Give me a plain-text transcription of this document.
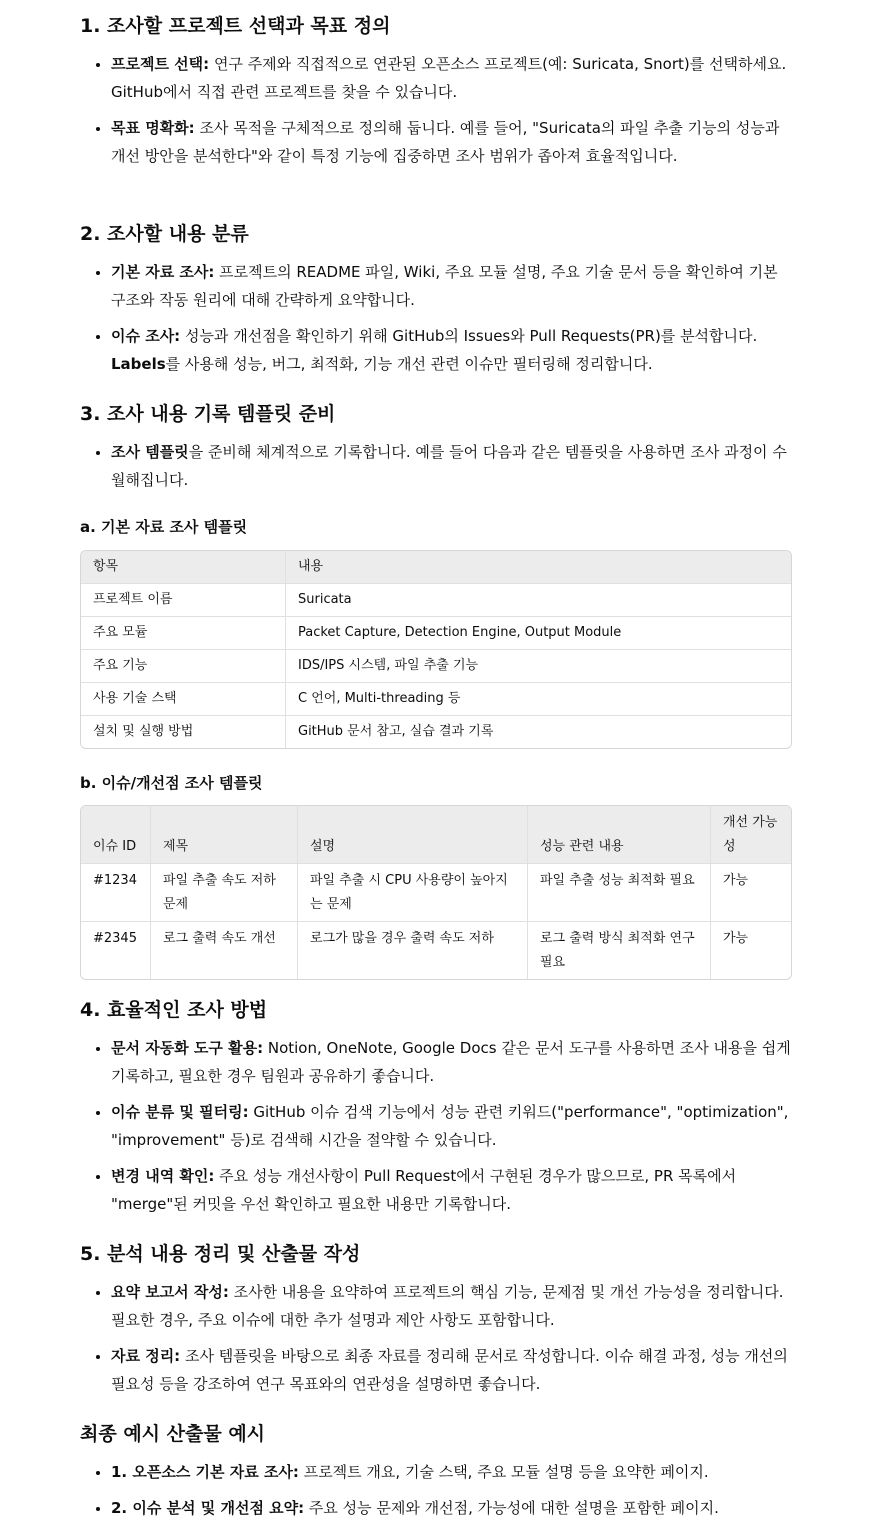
1. 조사할 프로젝트 선택과 목표 정의
• 프로젝트 선택: 연구 주제와 직접적으로 연관된 오픈소스 프로젝트(예: Suricata, Snort)를 선택하세요. GitHub에서 직접 관련 프로젝트를 찾을 수 있습니다.
• 목표 명확화: 조사 목적을 구체적으로 정의해 둡니다. 예를 들어, "Suricata의 파일 추출 기능의 성능과 개선 방안을 분석한다"와 같이 특정 기능에 집중하면 조사 범위가 좁아져 효율적입니다.
2. 조사할 내용 분류
• 기본 자료 조사: 프로젝트의 README 파일, Wiki, 주요 모듈 설명, 주요 기술 문서 등을 확인하여 기본 구조와 작동 원리에 대해 간략하게 요약합니다.
• 이슈 조사: 성능과 개선점을 확인하기 위해 GitHub의 Issues와 Pull Requests(PR)를 분석합니다. Labels를 사용해 성능, 버그, 최적화, 기능 개선 관련 이슈만 필터링해 정리합니다.
3. 조사 내용 기록 템플릿 준비
• 조사 템플릿을 준비해 체계적으로 기록합니다. 예를 들어 다음과 같은 템플릿을 사용하면 조사 과정이 수월해집니다.
a. 기본 자료 조사 템플릿
항목	내용
프로젝트 이름	Suricata
주요 모듈	Packet Capture, Detection Engine, Output Module
주요 기능	IDS/IPS 시스템, 파일 추출 기능
사용 기술 스택	C 언어, Multi-threading 등
설치 및 실행 방법	GitHub 문서 참고, 실습 결과 기록
b. 이슈/개선점 조사 템플릿
이슈 ID	제목	설명	성능 관련 내용	개선 가능성
#1234	파일 추출 속도 저하 문제	파일 추출 시 CPU 사용량이 높아지는 문제	파일 추출 성능 최적화 필요	가능
#2345	로그 출력 속도 개선	로그가 많을 경우 출력 속도 저하	로그 출력 방식 최적화 연구 필요	가능
4. 효율적인 조사 방법
• 문서 자동화 도구 활용: Notion, OneNote, Google Docs 같은 문서 도구를 사용하면 조사 내용을 쉽게 기록하고, 필요한 경우 팀원과 공유하기 좋습니다.
• 이슈 분류 및 필터링: GitHub 이슈 검색 기능에서 성능 관련 키워드("performance", "optimization", "improvement" 등)로 검색해 시간을 절약할 수 있습니다.
• 변경 내역 확인: 주요 성능 개선사항이 Pull Request에서 구현된 경우가 많으므로, PR 목록에서 "merge"된 커밋을 우선 확인하고 필요한 내용만 기록합니다.
5. 분석 내용 정리 및 산출물 작성
• 요약 보고서 작성: 조사한 내용을 요약하여 프로젝트의 핵심 기능, 문제점 및 개선 가능성을 정리합니다. 필요한 경우, 주요 이슈에 대한 추가 설명과 제안 사항도 포함합니다.
• 자료 정리: 조사 템플릿을 바탕으로 최종 자료를 정리해 문서로 작성합니다. 이슈 해결 과정, 성능 개선의 필요성 등을 강조하여 연구 목표와의 연관성을 설명하면 좋습니다.
최종 예시 산출물 예시
• 1. 오픈소스 기본 자료 조사: 프로젝트 개요, 기술 스택, 주요 모듈 설명 등을 요약한 페이지.
• 2. 이슈 분석 및 개선점 요약: 주요 성능 문제와 개선점, 가능성에 대한 설명을 포함한 페이지.
